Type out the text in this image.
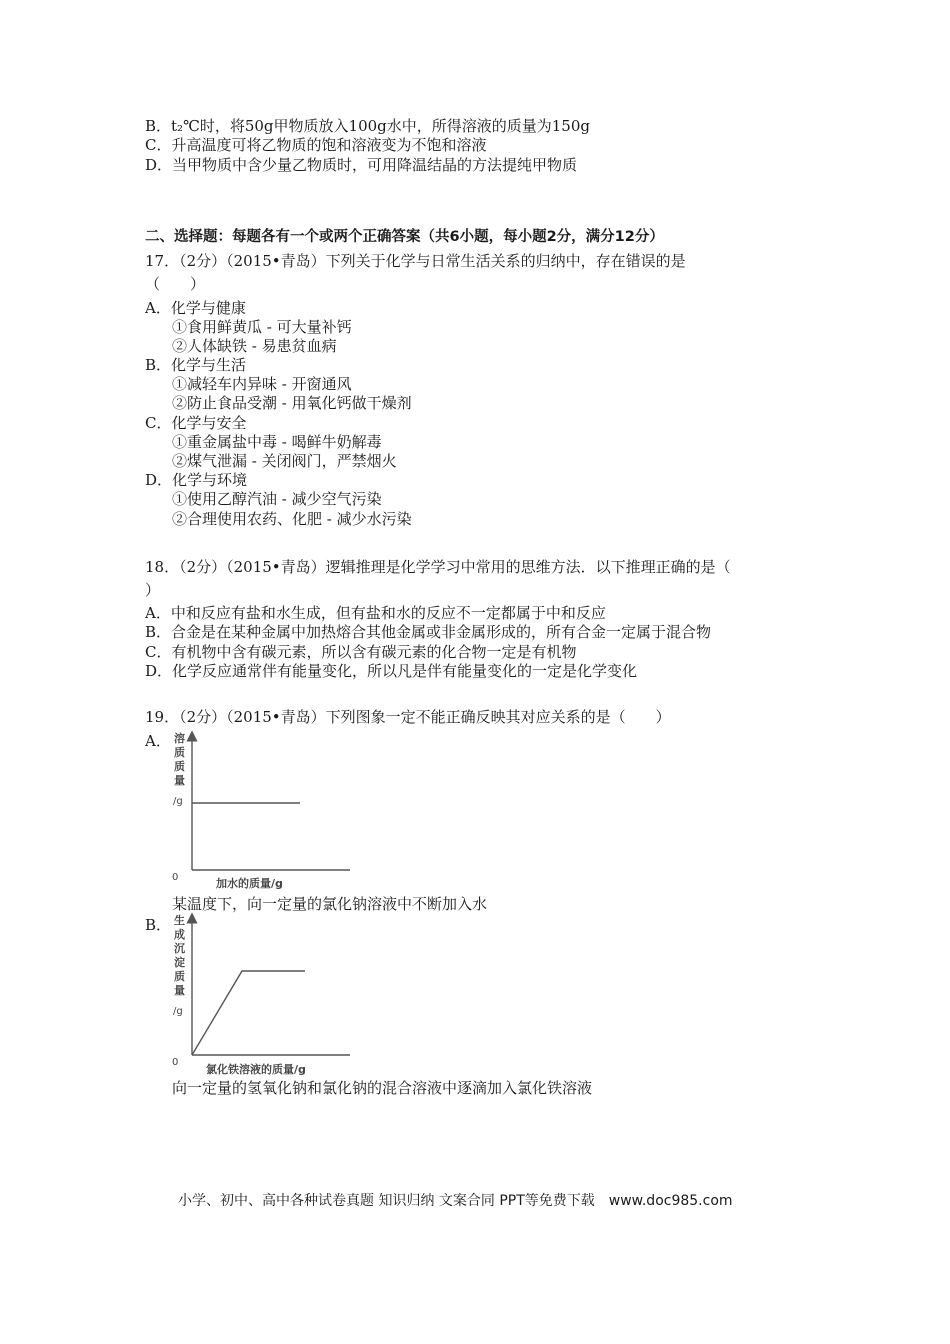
B．t₂℃时，将50g甲物质放入100g水中，所得溶液的质量为150g
C．升高温度可将乙物质的饱和溶液变为不饱和溶液
D．当甲物质中含少量乙物质时，可用降温结晶的方法提纯甲物质
二、选择题：每题各有一个或两个正确答案（共6小题，每小题2分，满分12分）
17．（2分）（2015•青岛）下列关于化学与日常生活关系的归纳中，存在错误的是
（　　）
A．化学与健康
①食用鲜黄瓜 - 可大量补钙
②人体缺铁 - 易患贫血病
B．化学与生活
①减轻车内异味 - 开窗通风
②防止食品受潮 - 用氧化钙做干燥剂
C．化学与安全
①重金属盐中毒 - 喝鲜牛奶解毒
②煤气泄漏 - 关闭阀门，严禁烟火
D．化学与环境
①使用乙醇汽油 - 减少空气污染
②合理使用农药、化肥 - 减少水污染
18．（2分）（2015•青岛）逻辑推理是化学学习中常用的思维方法．以下推理正确的是（
）
A．中和反应有盐和水生成，但有盐和水的反应不一定都属于中和反应
B．合金是在某种金属中加热熔合其他金属或非金属形成的，所有合金一定属于混合物
C．有机物中含有碳元素，所以含有碳元素的化合物一定是有机物
D．化学反应通常伴有能量变化，所以凡是伴有能量变化的一定是化学变化
19．（2分）（2015•青岛）下列图象一定不能正确反映其对应关系的是（　　）
A． 溶
质
质
量
/g
0	加水的质量/g
某温度下，向一定量的氯化钠溶液中不断加入水
B． 生
成
沉
淀
质
量
/g
0
氯化铁溶液的质量/g
向一定量的氢氧化钠和氯化钠的混合溶液中逐滴加入氯化铁溶液
小学、初中、高中各种试卷真题 知识归纳 文案合同 PPT等免费下载　www.doc985.com
